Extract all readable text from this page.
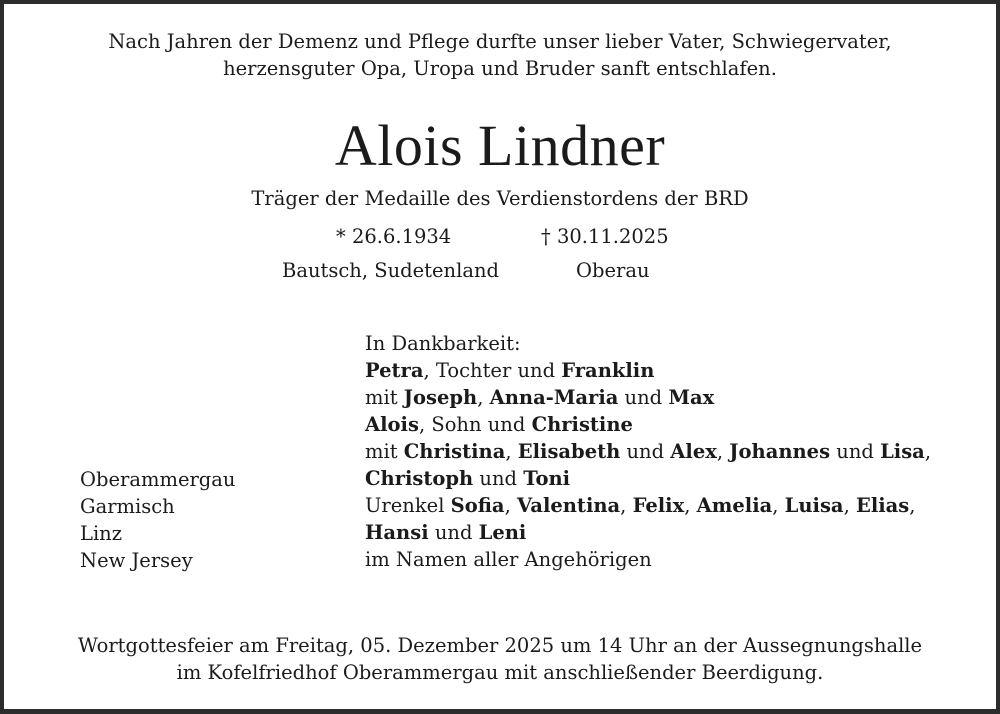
Nach Jahren der Demenz und Pflege durfte unser lieber Vater, Schwiegervater,
herzensguter Opa, Uropa und Bruder sanft entschlafen.
Alois Lindner
Träger der Medaille des Verdienstordens der BRD
* 26.6.1934	† 30.11.2025
Bautsch, Sudetenland	Oberau
In Dankbarkeit:
Petra, Tochter und Franklin
mit Joseph, Anna-Maria und Max
Alois, Sohn und Christine
mit Christina, Elisabeth und Alex, Johannes und Lisa,
Christoph und Toni
Urenkel Sofia, Valentina, Felix, Amelia, Luisa, Elias,
Hansi und Leni
im Namen aller Angehörigen
Oberammergau
Garmisch
Linz
New Jersey
Wortgottesfeier am Freitag, 05. Dezember 2025 um 14 Uhr an der Aussegnungshalle
im Kofelfriedhof Oberammergau mit anschließender Beerdigung.
